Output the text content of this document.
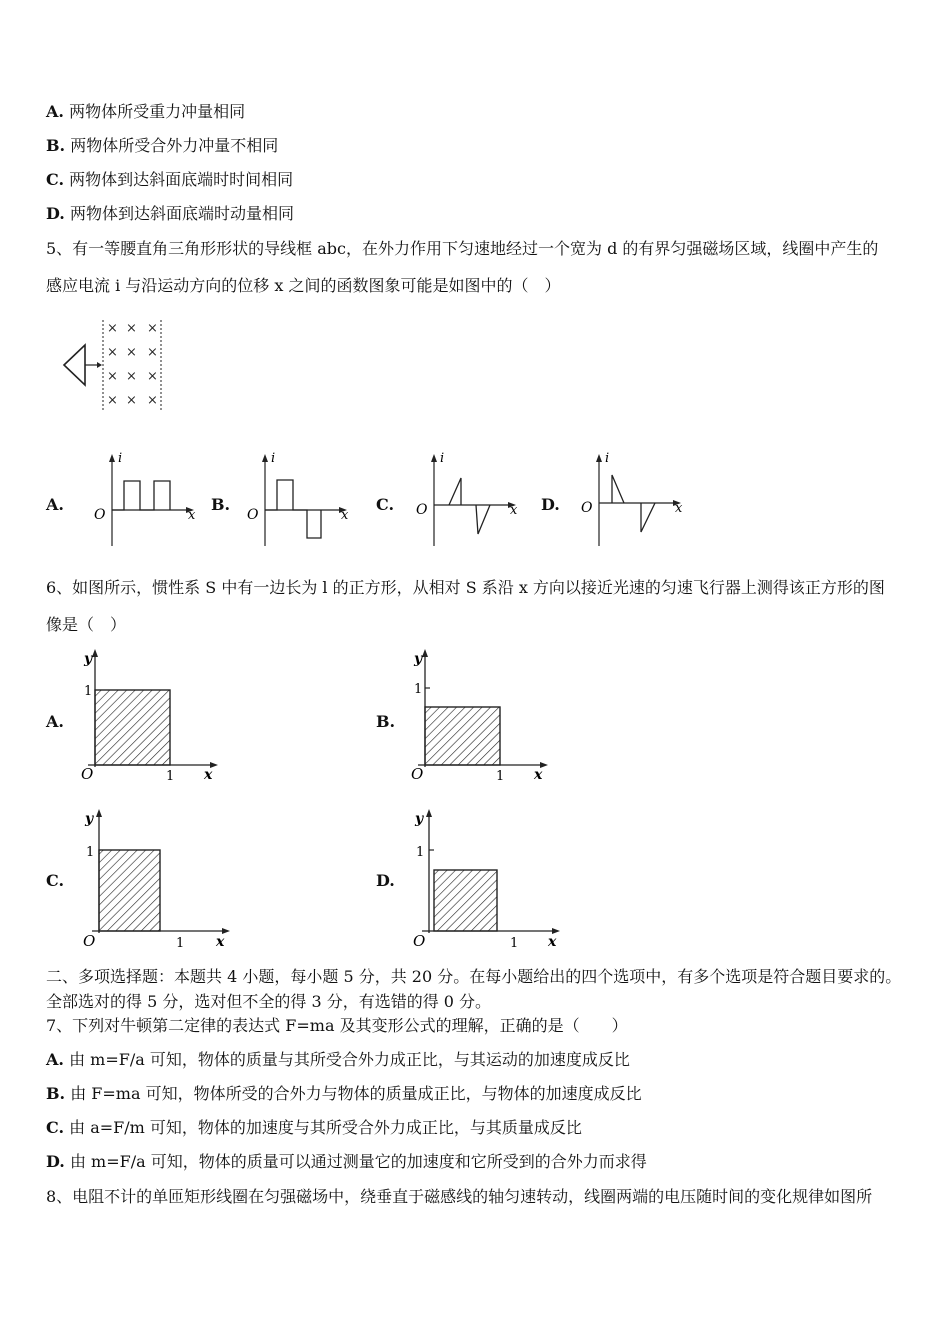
A. 两物体所受重力冲量相同
B. 两物体所受合外力冲量不相同
C. 两物体到达斜面底端时时间相同
D. 两物体到达斜面底端时动量相同
5、有一等腰直角三角形形状的导线框 abc，在外力作用下匀速地经过一个宽为 d 的有界匀强磁场区域，线圈中产生的
感应电流 i 与沿运动方向的位移 x 之间的函数图象可能是如图中的（　）
× × ×
× × ×
× × ×
× × ×
A.	B.	C.	D.
i
x
O
i
x
O
i
x
O
i
x
O
6、如图所示，惯性系 S 中有一边长为 l 的正方形，从相对 S 系沿 x 方向以接近光速的匀速飞行器上测得该正方形的图
像是（　）
A.	B.
C.	D.
y
1
1
O	x
y
1
1
O	x
y
1
1
O	x
y
1
1
O	x
二、多项选择题：本题共 4 小题，每小题 5 分，共 20 分。在每小题给出的四个选项中，有多个选项是符合题目要求的。
全部选对的得 5 分，选对但不全的得 3 分，有选错的得 0 分。
7、下列对牛顿第二定律的表达式 F=ma 及其变形公式的理解，正确的是（　　）
A. 由 m=F/a 可知，物体的质量与其所受合外力成正比，与其运动的加速度成反比
B. 由 F=ma 可知，物体所受的合外力与物体的质量成正比，与物体的加速度成反比
C. 由 a=F/m 可知，物体的加速度与其所受合外力成正比，与其质量成反比
D. 由 m=F/a 可知，物体的质量可以通过测量它的加速度和它所受到的合外力而求得
8、电阻不计的单匝矩形线圈在匀强磁场中，绕垂直于磁感线的轴匀速转动，线圈两端的电压随时间的变化规律如图所
